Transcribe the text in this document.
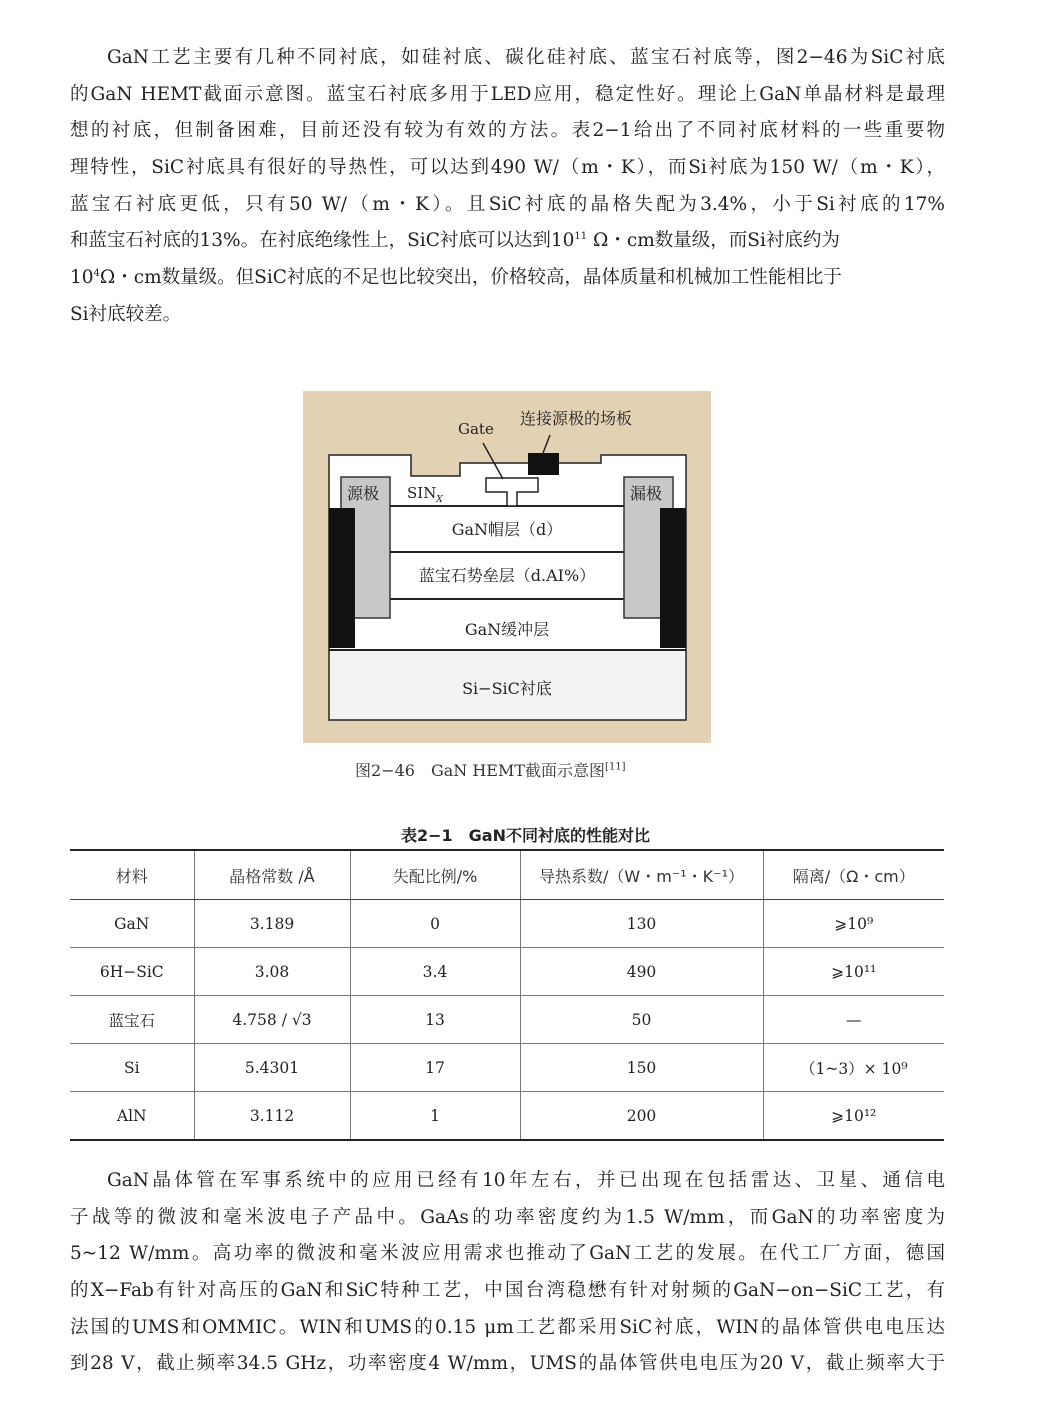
GaN工艺主要有几种不同衬底，如硅衬底、碳化硅衬底、蓝宝石衬底等，图2−46为SiC衬底
的GaN HEMT截面示意图。蓝宝石衬底多用于LED应用，稳定性好。理论上GaN单晶材料是最理
想的衬底，但制备困难，目前还没有较为有效的方法。表2−1给出了不同衬底材料的一些重要物
理特性，SiC衬底具有很好的导热性，可以达到490 W/（m・K），而Si衬底为150 W/（m・K），
蓝宝石衬底更低，只有50 W/（m・K）。且SiC衬底的晶格失配为3.4%，小于Si衬底的17%
和蓝宝石衬底的13%。在衬底绝缘性上，SiC衬底可以达到$10^{11}$ Ω・cm数量级，而Si衬底约为
$10^4\Omega$・cm数量级。但SiC衬底的不足也比较突出，价格较高，晶体质量和机械加工性能相比于
Si衬底较差。
Gate
连接源极的场板
源极	漏极
$SIN_X$
GaN帽层（d）
蓝宝石势垒层（d.AI%）
GaN缓冲层
Si−SiC衬底
图2−46　GaN HEMT截面示意图[11]
表2−1　GaN不同衬底的性能对比
材料	晶格常数 /Å	失配比例/%	导热系数/（W・m⁻¹・K⁻¹）	隔离/（Ω・cm）
GaN	3.189	0	130	⩾10⁹
6H−SiC	3.08	3.4	490	⩾10¹¹
蓝宝石	4.758 / √3	13	50	—
Si	5.4301	17	150	（1~3）× 10⁹
AlN	3.112	1	200	⩾10¹²
GaN晶体管在军事系统中的应用已经有10年左右，并已出现在包括雷达、卫星、通信电
子战等的微波和毫米波电子产品中。GaAs的功率密度约为1.5 W/mm，而GaN的功率密度为
5~12 W/mm。高功率的微波和毫米波应用需求也推动了GaN工艺的发展。在代工厂方面，德国
的X−Fab有针对高压的GaN和SiC特种工艺，中国台湾稳懋有针对射频的GaN−on−SiC工艺，有
法国的UMS和OMMIC。WIN和UMS的0.15 μm工艺都采用SiC衬底，WIN的晶体管供电电压达
到28 V，截止频率34.5 GHz，功率密度4 W/mm，UMS的晶体管供电电压为20 V，截止频率大于
